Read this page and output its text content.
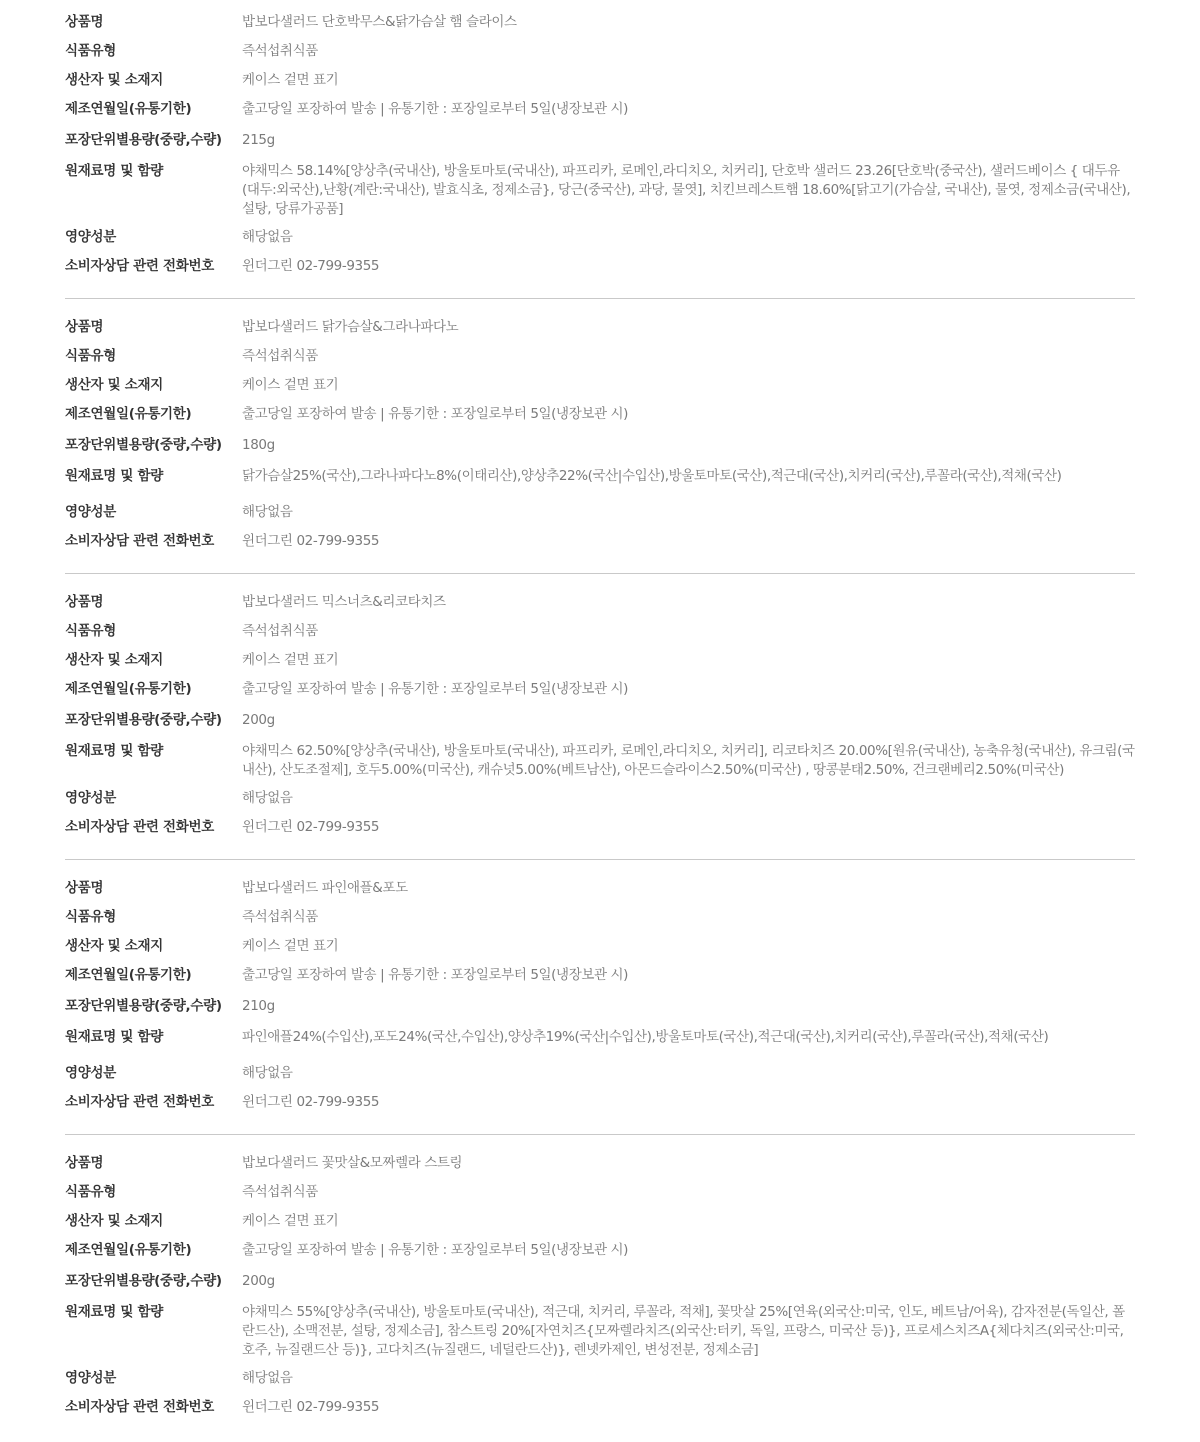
상품명	밥보다샐러드 단호박무스&닭가슴살 햄 슬라이스
식품유형	즉석섭취식품
생산자 및 소재지	케이스 겉면 표기
제조연월일(유통기한)	출고당일 포장하여 발송 | 유통기한 : 포장일로부터 5일(냉장보관 시)
포장단위별용량(중량,수량)	215g
원재료명 및 함량	야채믹스 58.14%[양상추(국내산), 방울토마토(국내산), 파프리카, 로메인,라디치오, 치커리], 단호박 샐러드 23.26[단호박(중국산), 샐러드베이스 { 대두유(대두:외국산),난황(계란:국내산), 발효식초, 정제소금}, 당근(중국산), 과당, 물엿], 치킨브레스트햄 18.60%[닭고기(가슴살, 국내산), 물엿, 정제소금(국내산), 설탕, 당류가공품]
영양성분	해당없음
소비자상담 관련 전화번호	윈더그린 02-799-9355
상품명	밥보다샐러드 닭가슴살&그라나파다노
식품유형	즉석섭취식품
생산자 및 소재지	케이스 겉면 표기
제조연월일(유통기한)	출고당일 포장하여 발송 | 유통기한 : 포장일로부터 5일(냉장보관 시)
포장단위별용량(중량,수량)	180g
원재료명 및 함량	닭가슴살25%(국산),그라나파다노8%(이태리산),양상추22%(국산|수입산),방울토마토(국산),적근대(국산),치커리(국산),루꼴라(국산),적채(국산)
영양성분	해당없음
소비자상담 관련 전화번호	윈더그린 02-799-9355
상품명	밥보다샐러드 믹스너츠&리코타치즈
식품유형	즉석섭취식품
생산자 및 소재지	케이스 겉면 표기
제조연월일(유통기한)	출고당일 포장하여 발송 | 유통기한 : 포장일로부터 5일(냉장보관 시)
포장단위별용량(중량,수량)	200g
원재료명 및 함량	야채믹스 62.50%[양상추(국내산), 방울토마토(국내산), 파프리카, 로메인,라디치오, 치커리], 리코타치즈 20.00%[원유(국내산), 농축유청(국내산), 유크림(국내산), 산도조절제], 호두5.00%(미국산), 캐슈넛5.00%(베트남산), 아몬드슬라이스2.50%(미국산) , 땅콩분태2.50%, 건크랜베리2.50%(미국산)
영양성분	해당없음
소비자상담 관련 전화번호	윈더그린 02-799-9355
상품명	밥보다샐러드 파인애플&포도
식품유형	즉석섭취식품
생산자 및 소재지	케이스 겉면 표기
제조연월일(유통기한)	출고당일 포장하여 발송 | 유통기한 : 포장일로부터 5일(냉장보관 시)
포장단위별용량(중량,수량)	210g
원재료명 및 함량	파인애플24%(수입산),포도24%(국산,수입산),양상추19%(국산|수입산),방울토마토(국산),적근대(국산),치커리(국산),루꼴라(국산),적채(국산)
영양성분	해당없음
소비자상담 관련 전화번호	윈더그린 02-799-9355
상품명	밥보다샐러드 꽃맛살&모짜렐라 스트링
식품유형	즉석섭취식품
생산자 및 소재지	케이스 겉면 표기
제조연월일(유통기한)	출고당일 포장하여 발송 | 유통기한 : 포장일로부터 5일(냉장보관 시)
포장단위별용량(중량,수량)	200g
원재료명 및 함량	야채믹스 55%[양상추(국내산), 방울토마토(국내산), 적근대, 치커리, 루꼴라, 적채], 꽃맛살 25%[연육(외국산:미국, 인도, 베트남/어육), 감자전분(독일산, 폴란드산), 소맥전분, 설탕, 정제소금], 참스트링 20%[자연치즈{모짜렐라치즈(외국산:터키, 독일, 프랑스, 미국산 등)}, 프로세스치즈A{체다치즈(외국산:미국, 호주, 뉴질랜드산 등)}, 고다치즈(뉴질랜드, 네덜란드산)}, 렌넷카제인, 변성전분, 정제소금]
영양성분	해당없음
소비자상담 관련 전화번호	윈더그린 02-799-9355
